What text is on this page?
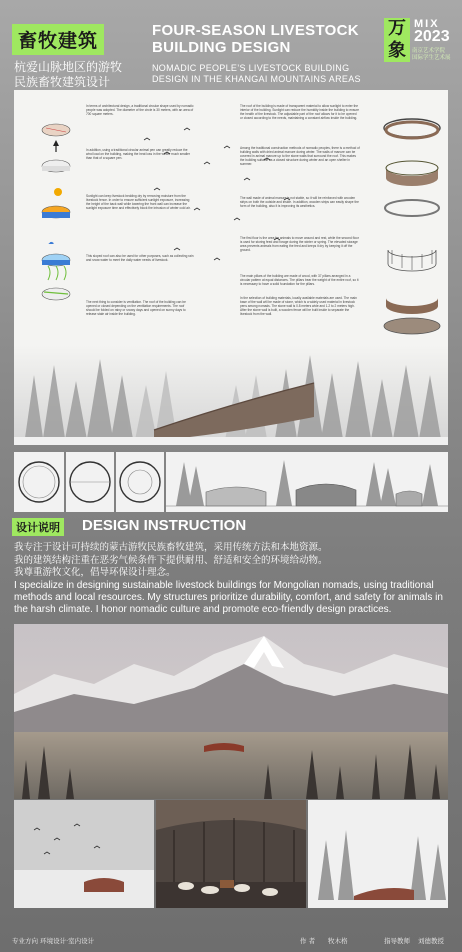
畜牧建筑
杭爱山脉地区的游牧
民族畜牧建筑设计
FOUR-SEASON LIVESTOCK
BUILDING DESIGN
NOMADIC PEOPLE’S LIVESTOCK BUILDING
DESIGN IN THE KHANGAI MOUNTAINS AREAS
万
象
MIX
2023
南京艺术学院
国际学生艺术展
☁
In terms of architectural design, a traditional circular shape used by nomadic people was adopted. The diameter of the circle is 30 meters, with an area of 700 square meters.
In addition, using a traditional circular animal pen can greatly reduce the wind load on the building, making the heat loss in the winter much smaller than that of a square pen.
Sunlight can keep livestock bedding dry by removing moisture from the livestock fence. In order to ensure sufficient sunlight exposure, increasing the height of the back wall while lowering the front wall can increase the sunlight exposure time and effectively block the intrusion of winter cold air.
This sloped roof can also be used for other purposes, such as collecting rain and snow water to meet the daily water needs of livestock.
The next thing to consider is ventilation. The roof of the building can be opened or closed depending on the ventilation requirements. The roof should be folded on rainy or snowy days and opened on sunny days to release stale air inside the building.
The roof of the building is made of transparent material to allow sunlight to enter the interior of the building. Sunlight can reduce the humidity inside the building to ensure the health of the livestock. The adjustable part of the roof allows for it to be opened or closed according to the needs, maintaining a constant airflow inside the building.
Among the traditional construction methods of nomadic peoples, there is a method of building walls with dried animal manure during winter. The walls of manure can be covered in animal manure up to the stone walls that surround the roof. This makes the building suitable as a closed structure during winter and an open shelter in summer.
The wall made of animal manure is not stable, so it will be reinforced with wooden strips on both the outside and inside. In addition, wooden strips can easily shape the form of the building, also it is improving its aesthetics.
The first floor is the area for animals to move around and rest, while the second floor is used for storing feed and forage during the winter or spring. The elevated storage area prevents animals from eating the feed and keeps it dry by keeping it off the ground.
The main pillars of the building are made of wood, with 37 pillars arranged in a circular pattern at equal distances. The pillars bear the weight of the entire roof, so it is necessary to have a solid foundation for the pillars.
In the selection of building materials, locally available materials are used. The main base of the wall will be made of stone, which is a widely used material in livestock pens among nomads. The stone wall is 0.8 meters wide and 1.2 to 2 meters high. After the stone wall is built, a wooden fence will be built inside to separate the livestock from the wall.
设计说明 DESIGN INSTRUCTION
我专注于设计可持续的蒙古游牧民族畜牧建筑，采用传统方法和本地资源。
我的建筑结构注重在恶劣气候条件下提供耐用、舒适和安全的环境给动物。
我尊重游牧文化，倡导环保设计理念。
I specialize in designing sustainable livestock buildings for Mongolian nomads, using traditional methods and local resources. My structures prioritize durability, comfort, and safety for animals in the harsh climate. I honor nomadic culture and promote eco-friendly design practices.
专业方向 环境设计·室内设计	作 者 牧木格	指导教师 刘德教授
